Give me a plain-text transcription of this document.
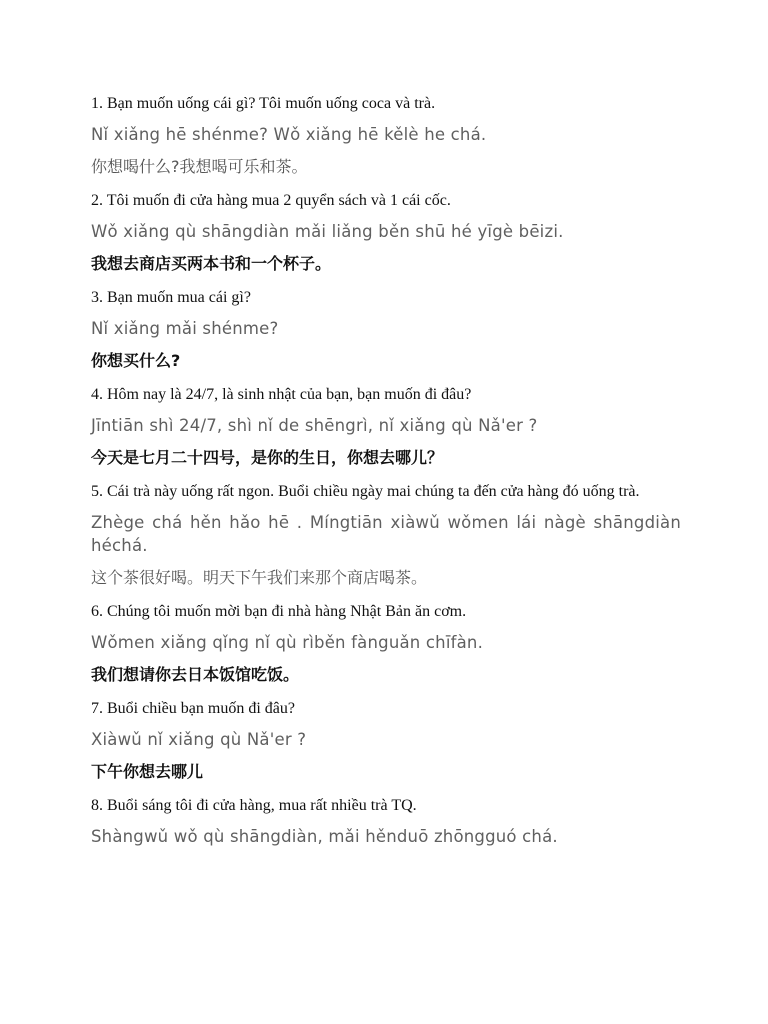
1. Bạn muốn uống cái gì? Tôi muốn uống coca và trà.

Nǐ xiǎng hē shénme? Wǒ xiǎng hē kělè he chá.

你想喝什么?我想喝可乐和茶。

2. Tôi muốn đi cửa hàng mua 2 quyển sách và 1 cái cốc.

Wǒ xiǎng qù shāngdiàn mǎi liǎng běn shū hé yīgè bēizi.

我想去商店买两本书和一个杯子。

3. Bạn muốn mua cái gì?

Nǐ xiǎng mǎi shénme?

你想买什么?

4. Hôm nay là 24/7, là sinh nhật của bạn, bạn muốn đi đâu?

Jīntiān shì 24/7, shì nǐ de shēngrì, nǐ xiǎng qù Nǎ'er ?

今天是七月二十四号，是你的生日，你想去哪儿？

5. Cái trà này uống rất ngon. Buổi chiều ngày mai chúng ta đến cửa hàng đó uống trà.

Zhège chá hěn hǎo hē . Míngtiān xiàwǔ wǒmen lái nàgè shāngdiàn héchá.

这个茶很好喝。明天下午我们来那个商店喝茶。

6. Chúng tôi muốn mời bạn đi nhà hàng Nhật Bản ăn cơm.

Wǒmen xiǎng qǐng nǐ qù rìběn fànguǎn chīfàn.

我们想请你去日本饭馆吃饭。

7. Buổi chiều bạn muốn đi đâu?

Xiàwǔ nǐ xiǎng qù Nǎ'er ?

下午你想去哪儿

8. Buổi sáng tôi đi cửa hàng, mua rất nhiều trà TQ.

Shàngwǔ wǒ qù shāngdiàn, mǎi hěnduō zhōngguó chá.
